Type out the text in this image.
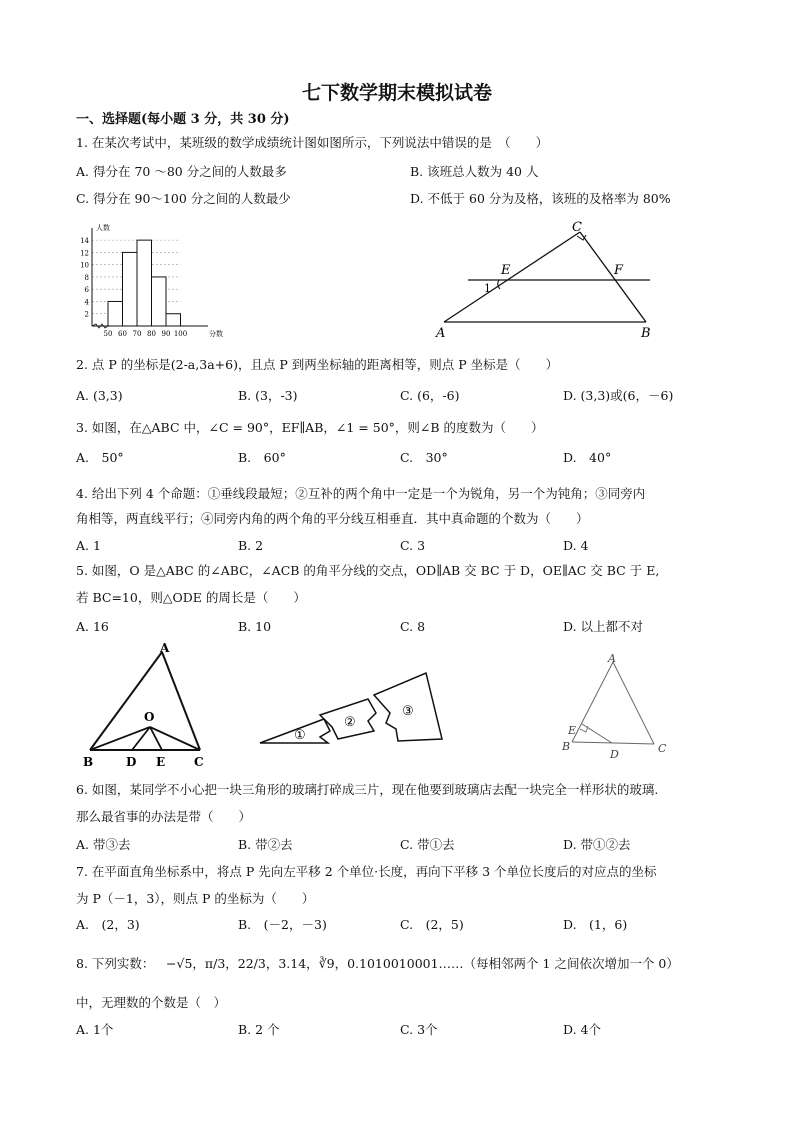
七下数学期末模拟试卷
一、选择题(每小题 3 分，共 30 分)
1. 在某次考试中，某班级的数学成绩统计图如图所示，下列说法中错误的是　（　　）
A. 得分在 70 ～80 分之间的人数最多	B. 该班总人数为 40 人
C. 得分在 90～100 分之间的人数最少	D. 不低于 60 分为及格，该班的及格率为 80%
2
4
6
8
10
12
14
50 60 70 80 90 100	分数
人数
A	B
C
E	F
1
2. 点 P 的坐标是(2-a,3a+6)，且点 P 到两坐标轴的距离相等，则点 P 坐标是（　　）
A. (3,3)	B. (3，-3)	C. (6，-6)	D. (3,3)或(6，－6)
3. 如图，在△ABC 中，∠C = 90°，EF∥AB，∠1 = 50°，则∠B 的度数为（　　）
A.　50°	B.　60°	C.　30°	D.　40°
4. 给出下列 4 个命题：①垂线段最短；②互补的两个角中一定是一个为锐角，另一个为钝角；③同旁内
角相等，两直线平行；④同旁内角的两个角的平分线互相垂直．其中真命题的个数为（　　）
A. 1	B. 2	C. 3	D. 4
5. 如图，O 是△ABC 的∠ABC，∠ACB 的角平分线的交点，OD∥AB 交 BC 于 D，OE∥AC 交 BC 于 E,
若 BC=10，则△ODE 的周长是（　　）
A. 16	B. 10	C. 8	D. 以上都不对
A
B	C
O
D E
①
②
③
A
B	C
D
E
6. 如图，某同学不小心把一块三角形的玻璃打碎成三片，现在他要到玻璃店去配一块完全一样形状的玻璃.
那么最省事的办法是带（　　）
A. 带③去	B. 带②去	C. 带①去	D. 带①②去
7. 在平面直角坐标系中，将点 P 先向左平移 2 个单位·长度，再向下平移 3 个单位长度后的对应点的坐标
为 P（－1，3），则点 P 的坐标为（　　）
A.　(2，3)	B.　(－2，－3)	C.　(2，5)	D.　(1，6)
8. 下列实数： −√5，π/3，22/3，3.14，∛9，0.1010010001……（每相邻两个 1 之间依次增加一个 0）
中，无理数的个数是（　）
A. 1个	B. 2 个	C. 3个	D. 4个
